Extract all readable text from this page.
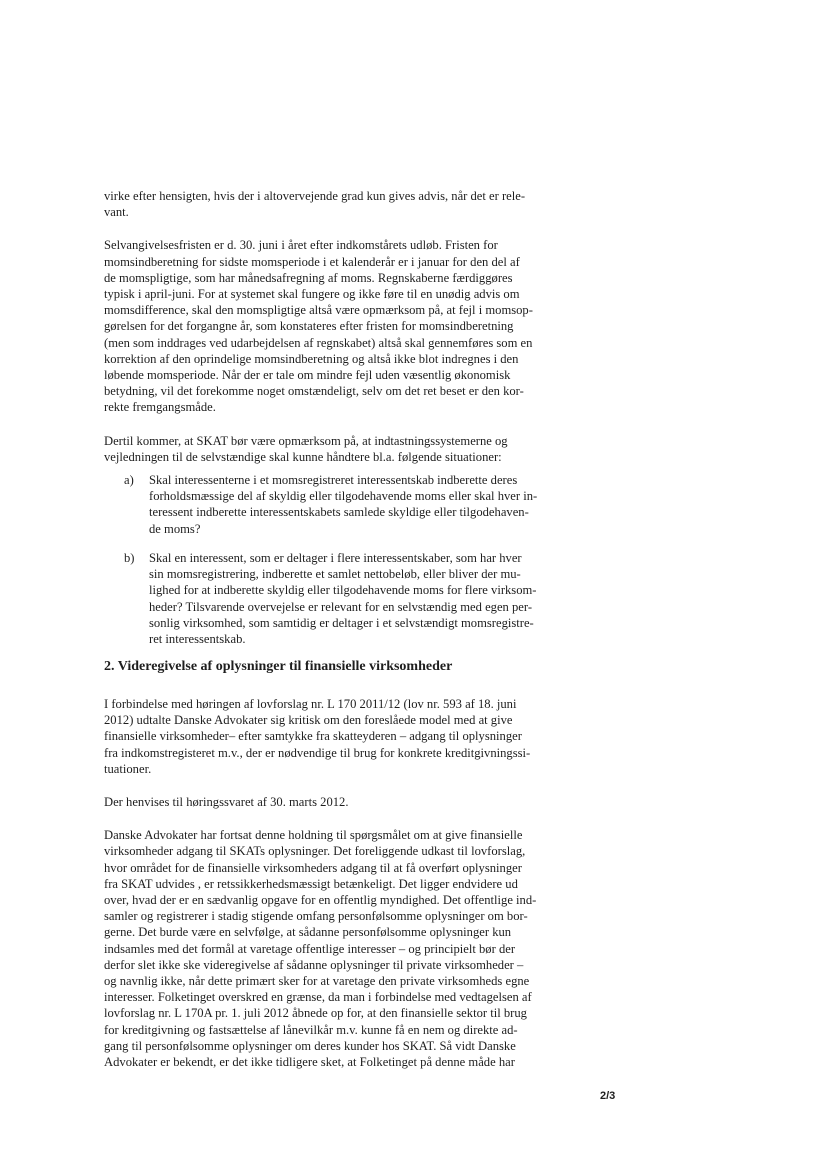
virke efter hensigten, hvis der i altovervejende grad kun gives advis, når det er rele-
vant.

Selvangivelsesfristen er d. 30. juni i året efter indkomstårets udløb. Fristen for
momsindberetning for sidste momsperiode i et kalenderår er i januar for den del af
de momspligtige, som har månedsafregning af moms. Regnskaberne færdiggøres
typisk i april-juni. For at systemet skal fungere og ikke føre til en unødig advis om
momsdifference, skal den momspligtige altså være opmærksom på, at fejl i momsop-
gørelsen for det forgangne år, som konstateres efter fristen for momsindberetning
(men som inddrages ved udarbejdelsen af regnskabet) altså skal gennemføres som en
korrektion af den oprindelige momsindberetning og altså ikke blot indregnes i den
løbende momsperiode. Når der er tale om mindre fejl uden væsentlig økonomisk
betydning, vil det forekomme noget omstændeligt, selv om det ret beset er den kor-
rekte fremgangsmåde.

Dertil kommer, at SKAT bør være opmærksom på, at indtastningssystemerne og
vejledningen til de selvstændige skal kunne håndtere bl.a. følgende situationer:

a)	Skal interessenterne i et momsregistreret interessentskab indberette deres
forholdsmæssige del af skyldig eller tilgodehavende moms eller skal hver in-
teressent indberette interessentskabets samlede skyldige eller tilgodehaven-
de moms?
b)	Skal en interessent, som er deltager i flere interessentskaber, som har hver
sin momsregistrering, indberette et samlet nettobeløb, eller bliver der mu-
lighed for at indberette skyldig eller tilgodehavende moms for flere virksom-
heder? Tilsvarende overvejelse er relevant for en selvstændig med egen per-
sonlig virksomhed, som samtidig er deltager i et selvstændigt momsregistre-
ret interessentskab.
2. Videregivelse af oplysninger til finansielle virksomheder

I forbindelse med høringen af lovforslag nr. L 170 2011/12 (lov nr. 593 af 18. juni
2012) udtalte Danske Advokater sig kritisk om den foreslåede model med at give
finansielle virksomheder– efter samtykke fra skatteyderen – adgang til oplysninger
fra indkomstregisteret m.v., der er nødvendige til brug for konkrete kreditgivningssi-
tuationer.

Der henvises til høringssvaret af 30. marts 2012.

Danske Advokater har fortsat denne holdning til spørgsmålet om at give finansielle
virksomheder adgang til SKATs oplysninger. Det foreliggende udkast til lovforslag,
hvor området for de finansielle virksomheders adgang til at få overført oplysninger
fra SKAT udvides , er retssikkerhedsmæssigt betænkeligt. Det ligger endvidere ud
over, hvad der er en sædvanlig opgave for en offentlig myndighed. Det offentlige ind-
samler og registrerer i stadig stigende omfang personfølsomme oplysninger om bor-
gerne. Det burde være en selvfølge, at sådanne personfølsomme oplysninger kun
indsamles med det formål at varetage offentlige interesser – og principielt bør der
derfor slet ikke ske videregivelse af sådanne oplysninger til private virksomheder –
og navnlig ikke, når dette primært sker for at varetage den private virksomheds egne
interesser. Folketinget overskred en grænse, da man i forbindelse med vedtagelsen af
lovforslag nr. L 170A pr. 1. juli 2012 åbnede op for, at den finansielle sektor til brug
for kreditgivning og fastsættelse af lånevilkår m.v. kunne få en nem og direkte ad-
gang til personfølsomme oplysninger om deres kunder hos SKAT. Så vidt Danske
Advokater er bekendt, er det ikke tidligere sket, at Folketinget på denne måde har

2/3
